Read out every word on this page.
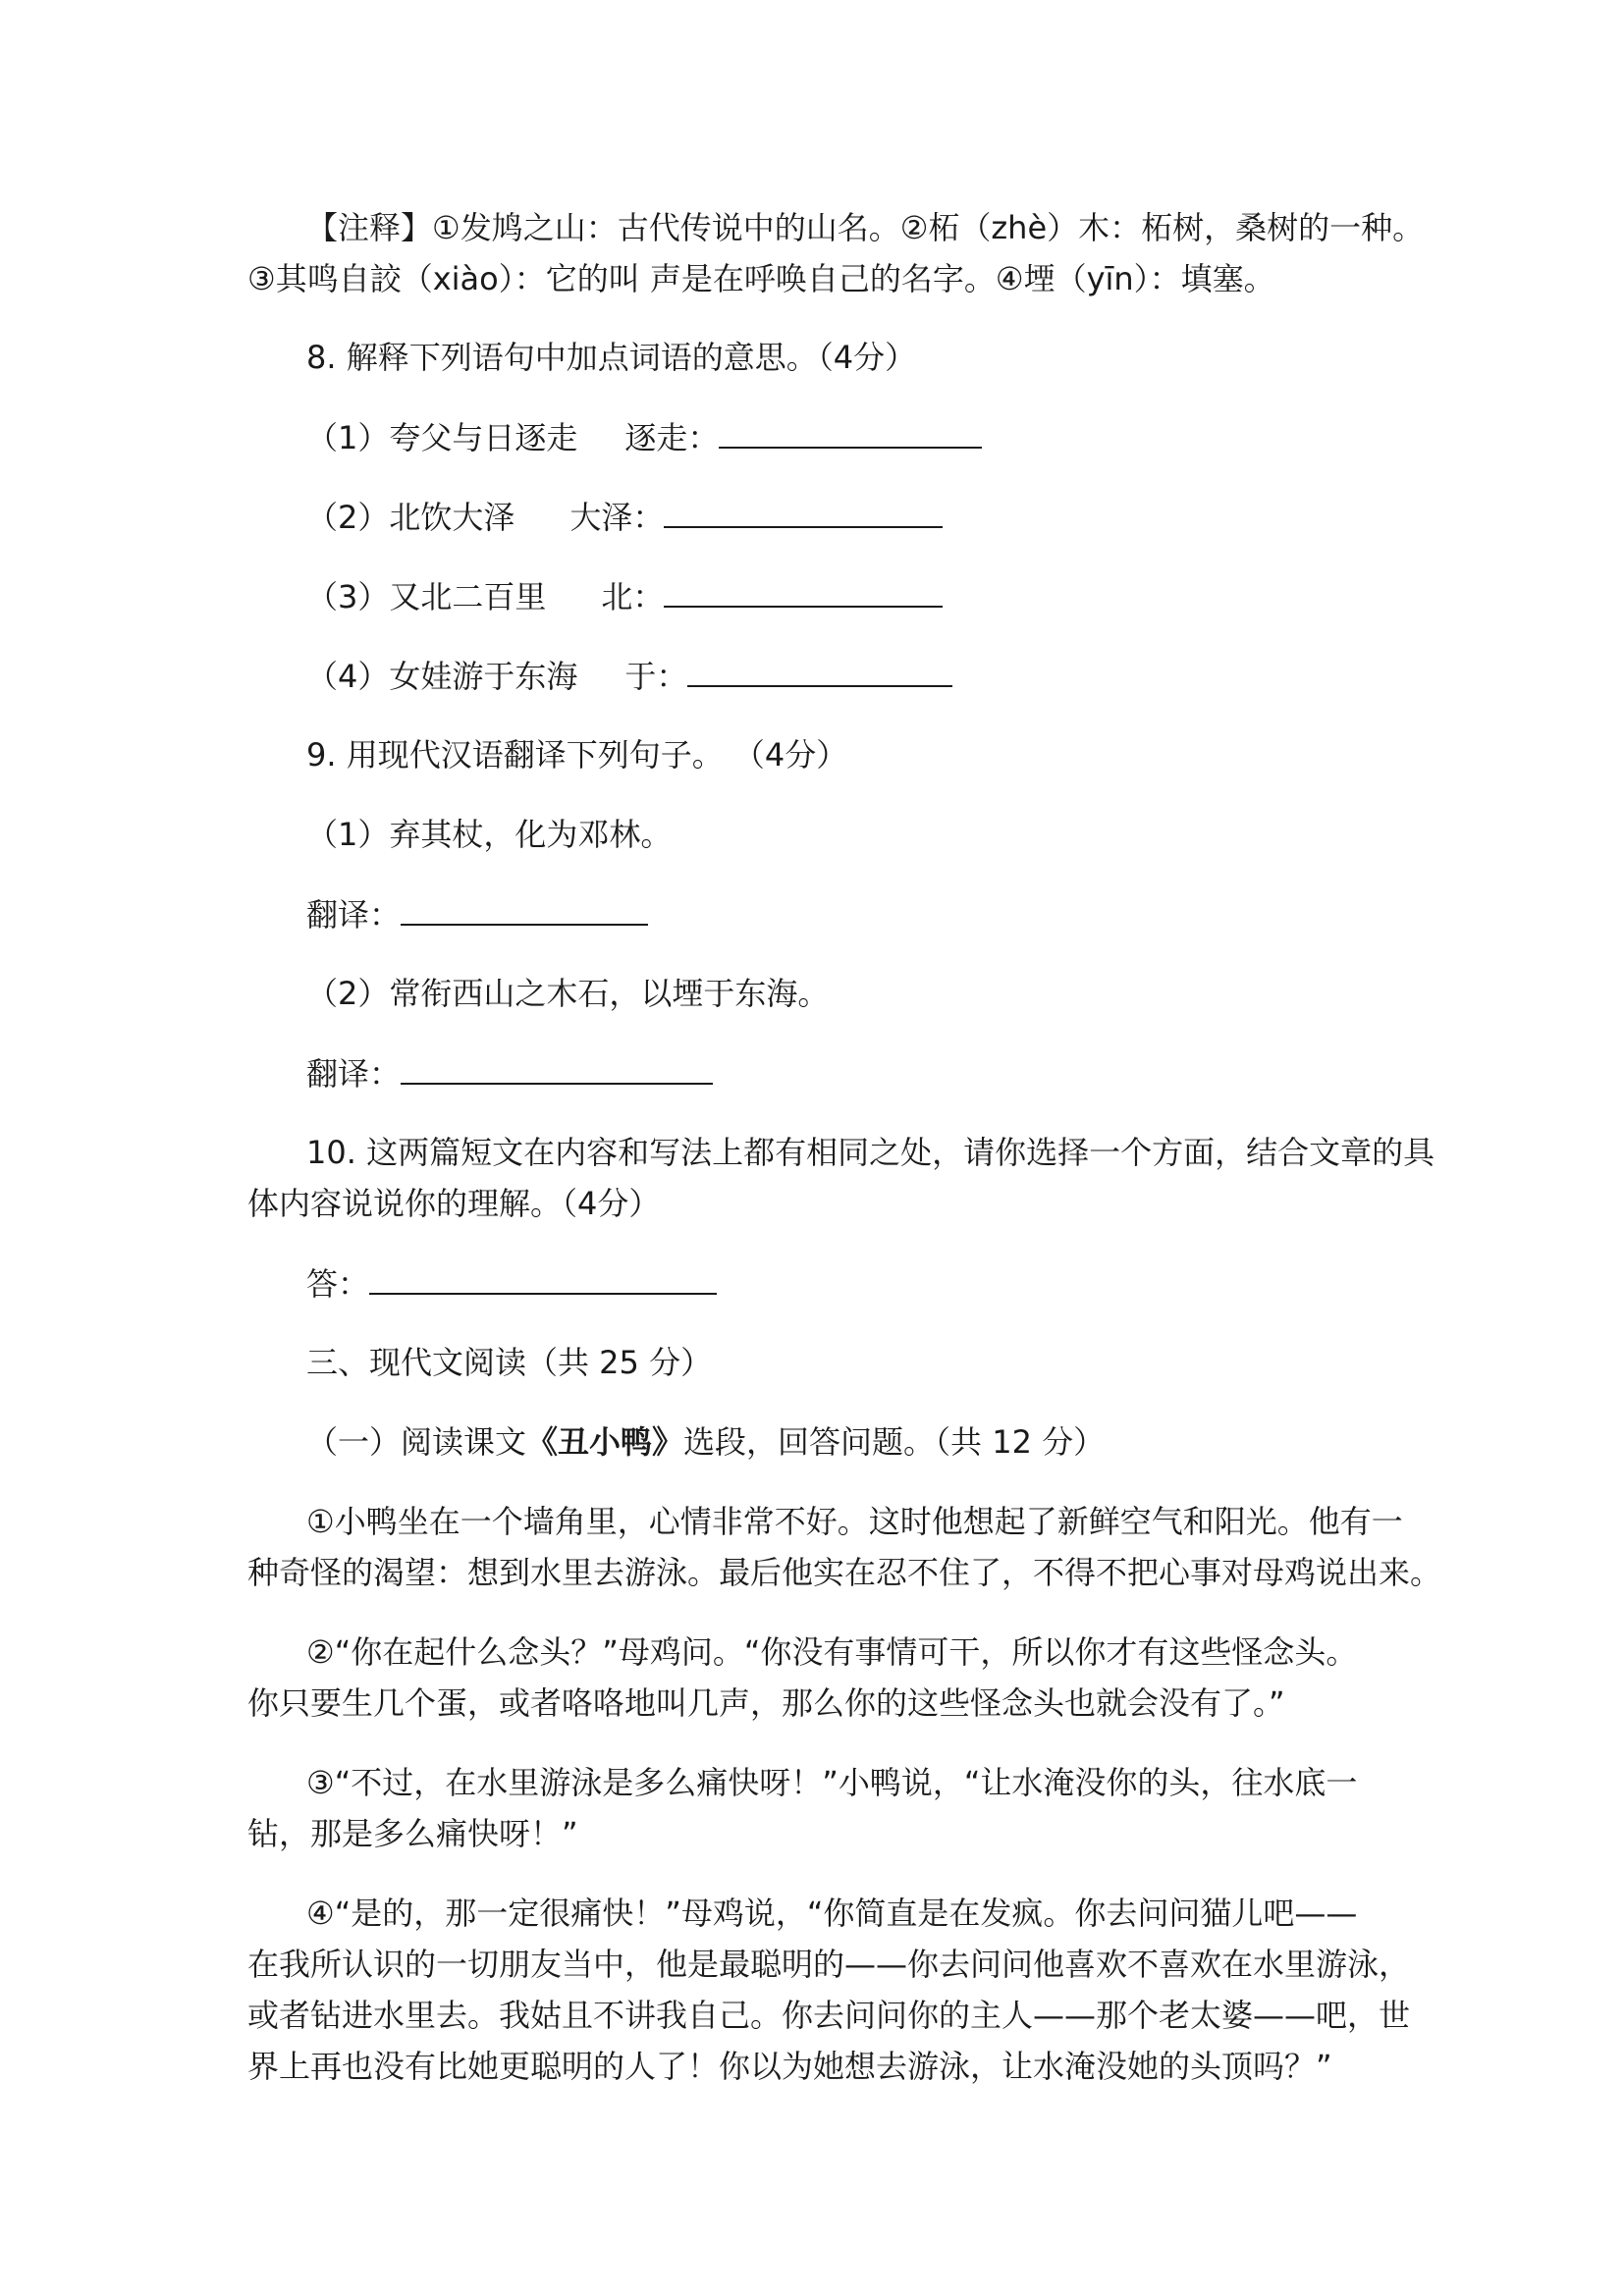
【注释】①发鸠之山：古代传说中的山名。②柘（zhè）木：柘树，桑树的一种。
③其鸣自詨（xiào）：它的叫 声是在呼唤自己的名字。④堙（yīn）：填塞。
8. 解释下列语句中加点词语的意思。（4分）
（1）夸父与日逐走 逐走：
（2）北饮大泽 大泽：
（3）又北二百里 北：
（4）女娃游于东海 于：
9. 用现代汉语翻译下列句子。 （4分）
（1）弃其杖，化为邓林。
翻译：
（2）常衔西山之木石，以堙于东海。
翻译：
10. 这两篇短文在内容和写法上都有相同之处，请你选择一个方面，结合文章的具
体内容说说你的理解。（4分）
答：
三、现代文阅读（共 25 分）
（一）阅读课文《丑小鸭》选段，回答问题。（共 12 分）
①小鸭坐在一个墙角里，心情非常不好。这时他想起了新鲜空气和阳光。他有一
种奇怪的渴望：想到水里去游泳。最后他实在忍不住了，不得不把心事对母鸡说出来。
②“你在起什么念头？”母鸡问。“你没有事情可干，所以你才有这些怪念头。
你只要生几个蛋，或者咯咯地叫几声，那么你的这些怪念头也就会没有了。”
③“不过，在水里游泳是多么痛快呀！”小鸭说，“让水淹没你的头，往水底一
钻，那是多么痛快呀！”
④“是的，那一定很痛快！”母鸡说，“你简直是在发疯。你去问问猫儿吧——
在我所认识的一切朋友当中，他是最聪明的——你去问问他喜欢不喜欢在水里游泳，
或者钻进水里去。我姑且不讲我自己。你去问问你的主人——那个老太婆——吧，世
界上再也没有比她更聪明的人了！你以为她想去游泳，让水淹没她的头顶吗？”
